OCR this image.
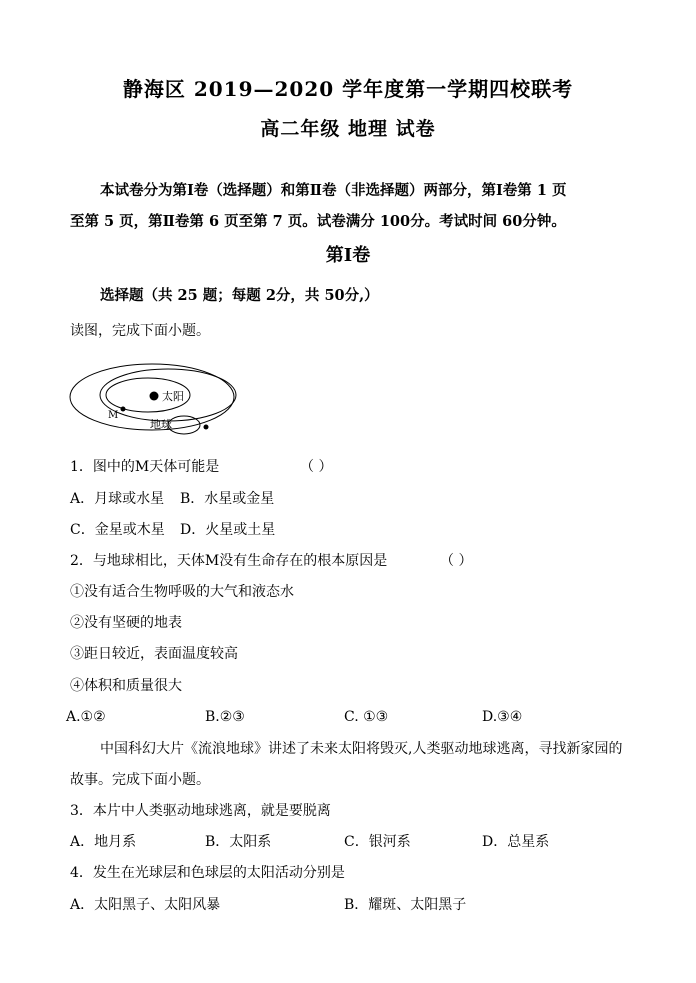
静海区 2019—2020 学年度第一学期四校联考
高二年级 地理 试卷
本试卷分为第Ⅰ卷（选择题）和第Ⅱ卷（非选择题）两部分，第Ⅰ卷第 1 页
至第 5 页，第Ⅱ卷第 6 页至第 7 页。试卷满分 100分。考试时间 60分钟。
第Ⅰ卷
选择题（共 25 题；每题 2分，共 50分,）
读图，完成下面小题。
太阳
M
地球
1．图中的M天体可能是	（ ）
A．月球或水星 B．水星或金星
C．金星或木星 D．火星或土星
2．与地球相比，天体M没有生命存在的根本原因是	（ ）
①没有适合生物呼吸的大气和液态水
②没有坚硬的地表
③距日较近，表面温度较高
④体积和质量很大
A.①②	B.②③	C. ①③	D.③④
中国科幻大片《流浪地球》讲述了未来太阳将毁灭,人类驱动地球逃离，寻找新家园的
故事。完成下面小题。
3．本片中人类驱动地球逃离，就是要脱离
A．地月系	B．太阳系	C．银河系	D．总星系
4．发生在光球层和色球层的太阳活动分别是
A．太阳黑子、太阳风暴	B．耀斑、太阳黑子
